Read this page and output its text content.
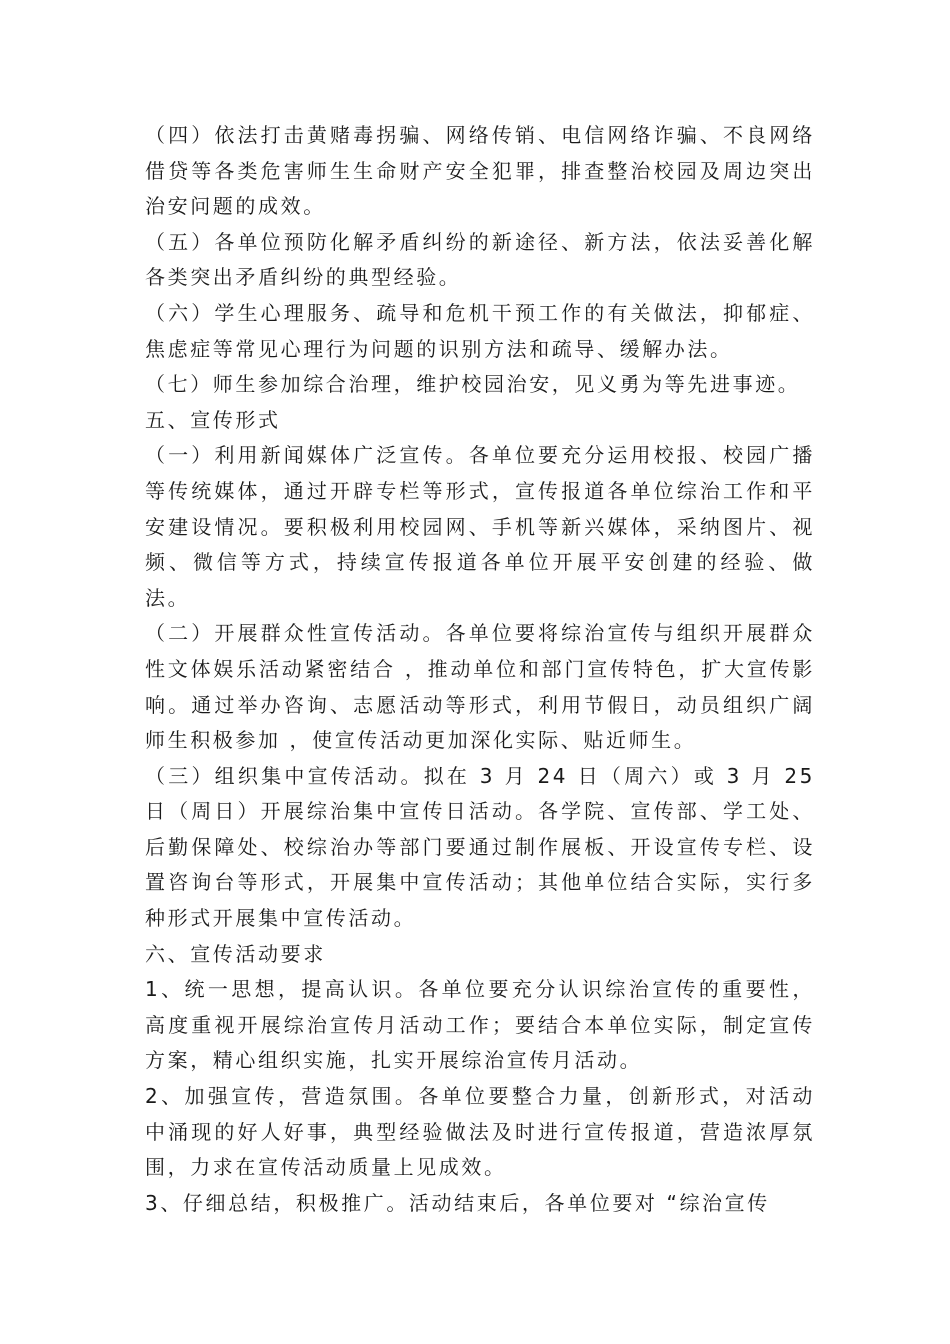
（四）依法打击黄赌毒拐骗、网络传销、电信网络诈骗、不良网络借贷等各类危害师生生命财产安全犯罪，排查整治校园及周边突出治安问题的成效。

（五）各单位预防化解矛盾纠纷的新途径、新方法，依法妥善化解各类突出矛盾纠纷的典型经验。

（六）学生心理服务、疏导和危机干预工作的有关做法，抑郁症、焦虑症等常见心理行为问题的识别方法和疏导、缓解办法。

（七）师生参加综合治理，维护校园治安，见义勇为等先进事迹。

五、宣传形式

（一）利用新闻媒体广泛宣传。各单位要充分运用校报、校园广播等传统媒体，通过开辟专栏等形式，宣传报道各单位综治工作和平安建设情况。要积极利用校园网、手机等新兴媒体，采纳图片、视频、微信等方式，持续宣传报道各单位开展平安创建的经验、做法。

（二）开展群众性宣传活动。各单位要将综治宣传与组织开展群众性文体娱乐活动紧密结合 ，推动单位和部门宣传特色，扩大宣传影响。通过举办咨询、志愿活动等形式，利用节假日，动员组织广阔师生积极参加 ，使宣传活动更加深化实际、贴近师生。

（三）组织集中宣传活动。拟在 3 月 24 日（周六）或 3 月 25 日（周日）开展综治集中宣传日活动。各学院、宣传部、学工处、后勤保障处、校综治办等部门要通过制作展板、开设宣传专栏、设置咨询台等形式，开展集中宣传活动；其他单位结合实际，实行多种形式开展集中宣传活动。

六、宣传活动要求

1、统一思想，提高认识。各单位要充分认识综治宣传的重要性，高度重视开展综治宣传月活动工作；要结合本单位实际，制定宣传方案，精心组织实施，扎实开展综治宣传月活动。

2、加强宣传，营造氛围。各单位要整合力量，创新形式，对活动中涌现的好人好事，典型经验做法及时进行宣传报道，营造浓厚氛围，力求在宣传活动质量上见成效。

3、仔细总结，积极推广。活动结束后，各单位要对 “综治宣传
